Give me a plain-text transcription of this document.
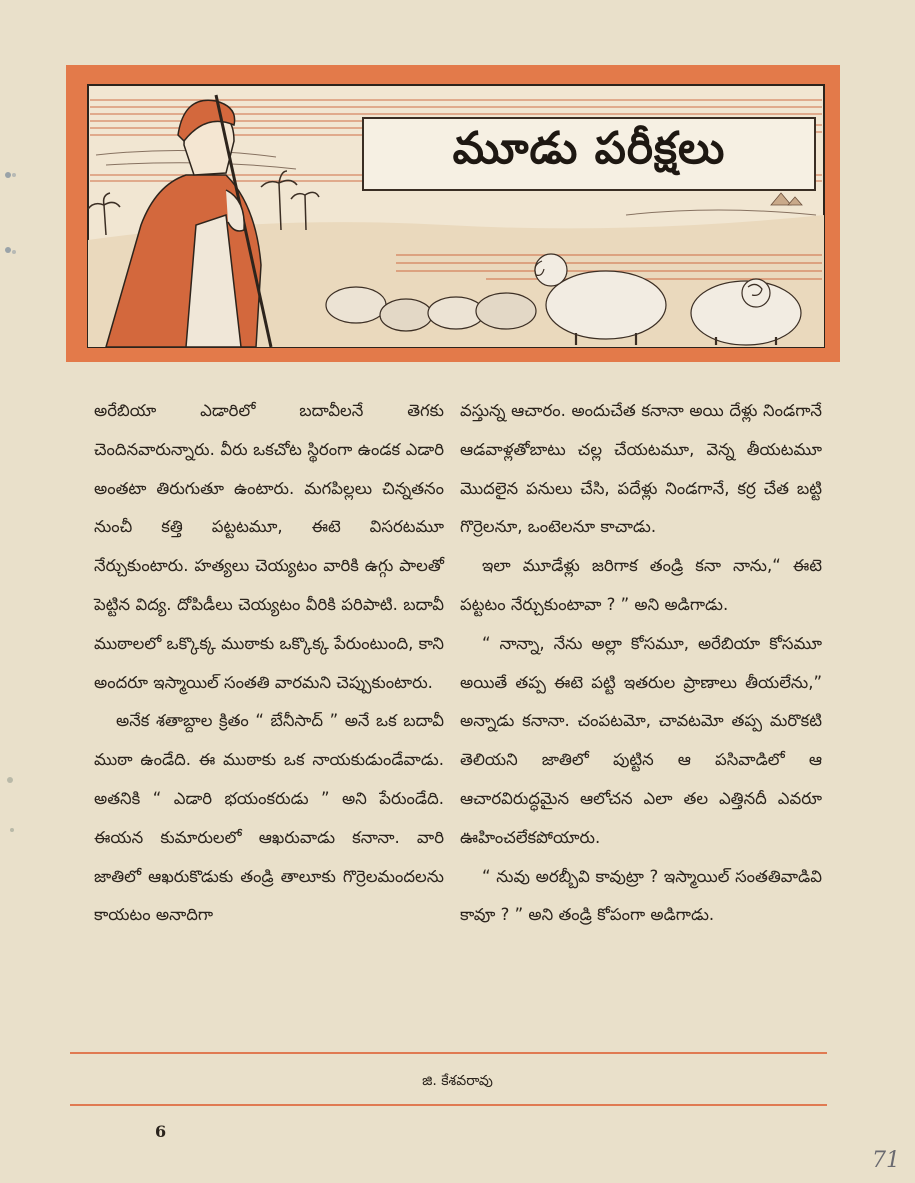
మూడు పరీక్షలు

అరేబియా ఎడారిలో బదావీలనే తెగకు చెందినవారున్నారు. వీరు ఒకచోట స్థిరంగా ఉండక ఎడారి అంతటా తిరుగుతూ ఉంటారు. మగపిల్లలు చిన్నతనం నుంచీ కత్తి పట్టటమూ, ఈటె విసరటమూ నేర్చుకుంటారు. హత్యలు చెయ్యటం వారికి ఉగ్గు పాలతో పెట్టిన విద్య. దోపిడీలు చెయ్యటం వీరికి పరిపాటి. బదావీ ముఠాలలో ఒక్కొక్క ముఠాకు ఒక్కొక్క పేరుంటుంది, కాని అందరూ ఇస్మాయిల్ సంతతి వారమని చెప్పుకుంటారు.

అనేక శతాబ్దాల క్రితం “ బేనీసాద్ ” అనే ఒక బదావీ ముఠా ఉండేది. ఈ ముఠాకు ఒక నాయకుడుండేవాడు. అతనికి “ ఎడారి భయంకరుడు ” అని పేరుండేది. ఈయన కుమారులలో ఆఖరువాడు కనానా. వారి జాతిలో ఆఖరుకొడుకు తండ్రి తాలూకు గొర్రెలమందలను కాయటం అనాదిగా

వస్తున్న ఆచారం. అందుచేత కనానా అయి దేళ్లు నిండగానే ఆడవాళ్లతోబాటు చల్ల చేయటమూ, వెన్న తీయటమూ మొదలైన పనులు చేసి, పదేళ్లు నిండగానే, కర్ర చేత బట్టి గొర్రెలనూ, ఒంటెలనూ కాచాడు.

ఇలా మూడేళ్లు జరిగాక తండ్రి కనా నాను,“ ఈటె పట్టటం నేర్చుకుంటావా ? ” అని అడిగాడు.

“ నాన్నా, నేను అల్లా కోసమూ, అరేబియా కోసమూ అయితే తప్ప ఈటె పట్టి ఇతరుల ప్రాణాలు తీయలేను,” అన్నాడు కనానా. చంపటమో, చావటమో తప్ప మరొకటి తెలియని జాతిలో పుట్టిన ఆ పసివాడిలో ఆ ఆచారవిరుద్ధమైన ఆలోచన ఎలా తల ఎత్తినదీ ఎవరూ ఊహించలేకపోయారు.

“ నువు అరబ్బీవి కావుట్రా ? ఇస్మాయిల్ సంతతివాడివి కావూ ? ” అని తండ్రి కోపంగా అడిగాడు.

జి. కేశవరావు
6
71
